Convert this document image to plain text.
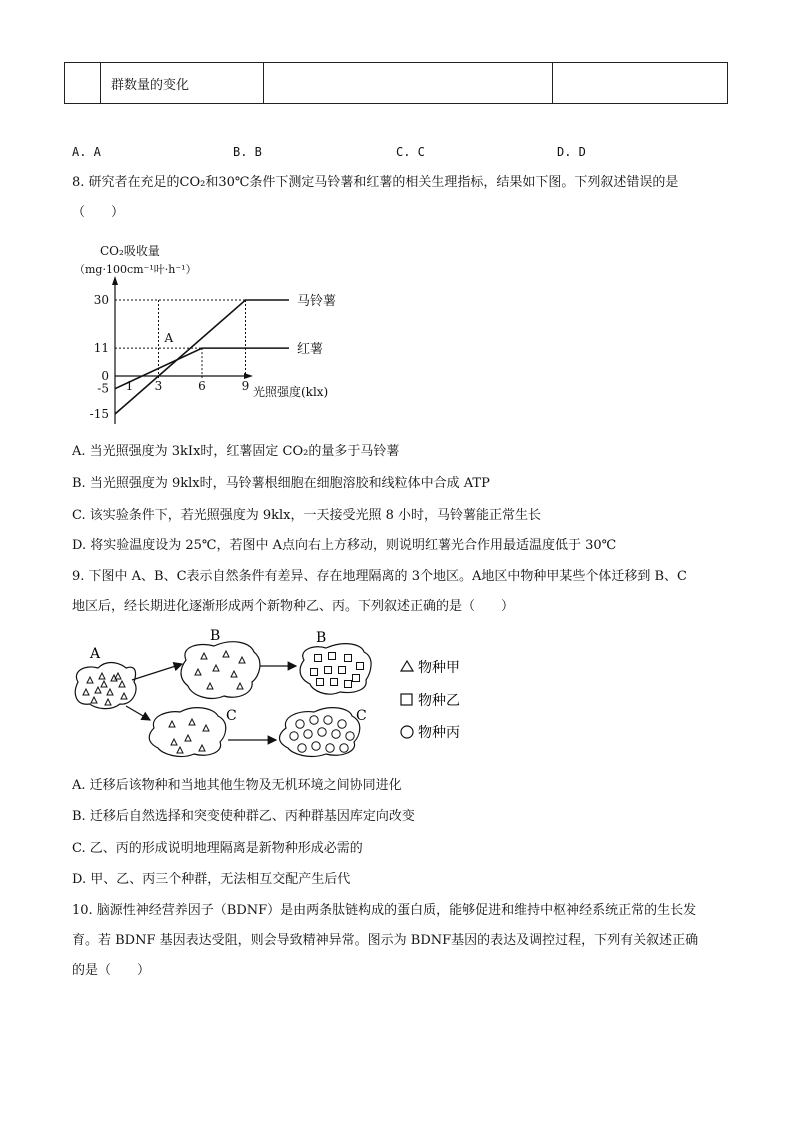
	群数量的变化		
A. A	B. B	C. C	D. D
8. 研究者在充足的CO₂和30℃条件下测定马铃薯和红薯的相关生理指标，结果如下图。下列叙述错误的是
（　　）
CO₂吸收量
（mg·100cm⁻¹叶·h⁻¹）
马铃薯
红薯
30
11
0
-5
-15
1 3	6	9 光照强度(klx)
A
A. 当光照强度为 3kIx时，红薯固定 CO₂的量多于马铃薯
B. 当光照强度为 9klx时，马铃薯根细胞在细胞溶胶和线粒体中合成 ATP
C. 该实验条件下，若光照强度为 9klx，一天接受光照 8 小时，马铃薯能正常生长
D. 将实验温度设为 25℃，若图中 A点向右上方移动，则说明红薯光合作用最适温度低于 30℃
9. 下图中 A、B、C表示自然条件有差异、存在地理隔离的 3个地区。A地区中物种甲某些个体迁移到 B、C
地区后，经长期进化逐渐形成两个新物种乙、丙。下列叙述正确的是（　　）
A
B	B
C	C
物种甲
物种乙
物种丙
A. 迁移后该物种和当地其他生物及无机环境之间协同进化
B. 迁移后自然选择和突变使种群乙、丙种群基因库定向改变
C. 乙、丙的形成说明地理隔离是新物种形成必需的
D. 甲、乙、丙三个种群，无法相互交配产生后代
10. 脑源性神经营养因子（BDNF）是由两条肽链构成的蛋白质，能够促进和维持中枢神经系统正常的生长发
育。若 BDNF 基因表达受阻，则会导致精神异常。图示为 BDNF基因的表达及调控过程，下列有关叙述正确
的是（　　）
